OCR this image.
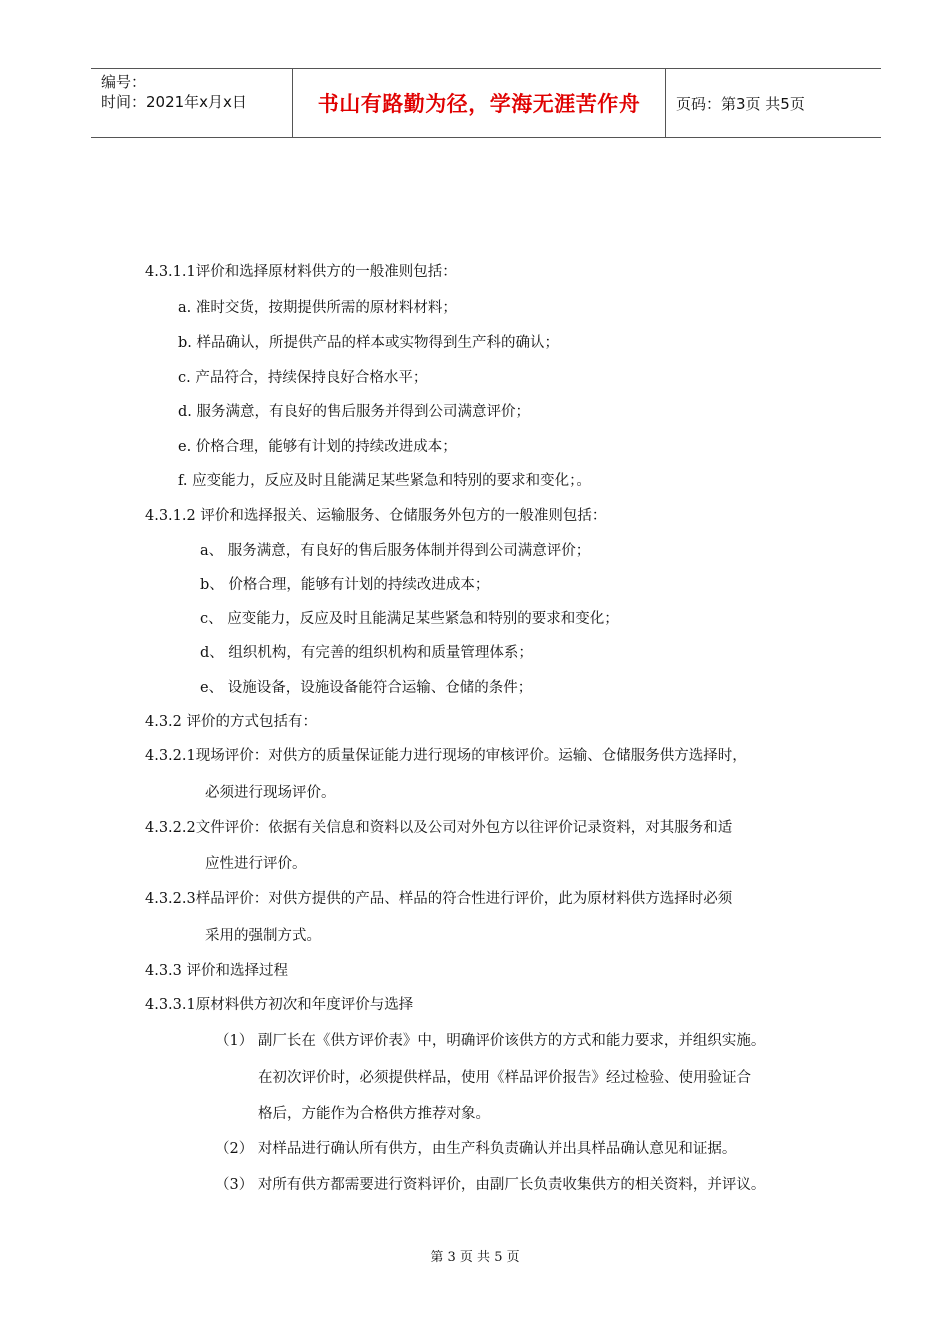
编号：
时间：2021年x月x日	书山有路勤为径，学海无涯苦作舟 页码：第3页 共5页
4.3.1.1评价和选择原材料供方的一般准则包括：
a. 准时交货，按期提供所需的原材料材料；
b. 样品确认，所提供产品的样本或实物得到生产科的确认；
c. 产品符合，持续保持良好合格水平；
d. 服务满意，有良好的售后服务并得到公司满意评价；
e. 价格合理，能够有计划的持续改进成本；
f. 应变能力，反应及时且能满足某些紧急和特别的要求和变化；。
4.3.1.2 评价和选择报关、运输服务、仓储服务外包方的一般准则包括：
a、 服务满意，有良好的售后服务体制并得到公司满意评价；
b、 价格合理，能够有计划的持续改进成本；
c、 应变能力，反应及时且能满足某些紧急和特别的要求和变化；
d、 组织机构，有完善的组织机构和质量管理体系；
e、 设施设备，设施设备能符合运输、仓储的条件；
4.3.2 评价的方式包括有：
4.3.2.1现场评价：对供方的质量保证能力进行现场的审核评价。运输、仓储服务供方选择时，
必须进行现场评价。
4.3.2.2文件评价：依据有关信息和资料以及公司对外包方以往评价记录资料，对其服务和适
应性进行评价。
4.3.2.3样品评价：对供方提供的产品、样品的符合性进行评价，此为原材料供方选择时必须
采用的强制方式。
4.3.3 评价和选择过程
4.3.3.1原材料供方初次和年度评价与选择
（1） 副厂长在《供方评价表》中，明确评价该供方的方式和能力要求，并组织实施。
在初次评价时，必须提供样品，使用《样品评价报告》经过检验、使用验证合
格后，方能作为合格供方推荐对象。
（2） 对样品进行确认所有供方，由生产科负责确认并出具样品确认意见和证据。
（3） 对所有供方都需要进行资料评价，由副厂长负责收集供方的相关资料，并评议。
第 3 页 共 5 页
